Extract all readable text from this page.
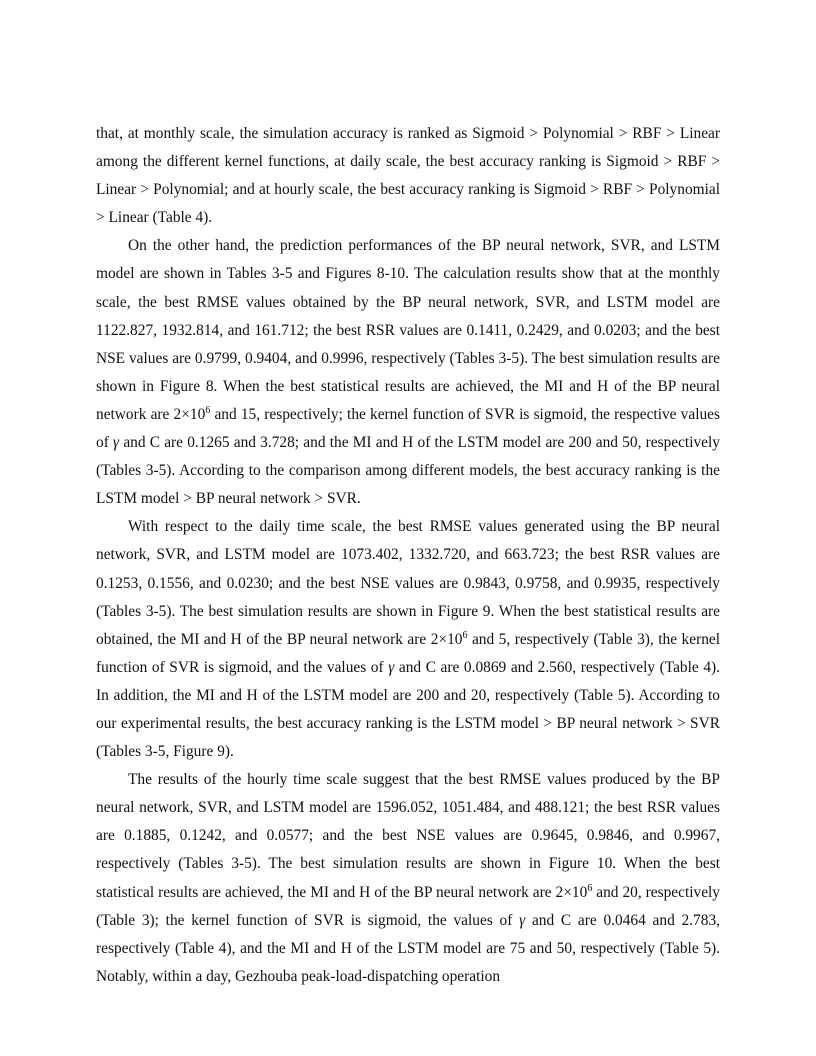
that, at monthly scale, the simulation accuracy is ranked as Sigmoid > Polynomial > RBF > Linear among the different kernel functions, at daily scale, the best accuracy ranking is Sigmoid > RBF > Linear > Polynomial; and at hourly scale, the best accuracy ranking is Sigmoid > RBF > Polynomial > Linear (Table 4).

On the other hand, the prediction performances of the BP neural network, SVR, and LSTM model are shown in Tables 3-5 and Figures 8-10. The calculation results show that at the monthly scale, the best RMSE values obtained by the BP neural network, SVR, and LSTM model are 1122.827, 1932.814, and 161.712; the best RSR values are 0.1411, 0.2429, and 0.0203; and the best NSE values are 0.9799, 0.9404, and 0.9996, respectively (Tables 3-5). The best simulation results are shown in Figure 8. When the best statistical results are achieved, the MI and H of the BP neural network are $2\times 10^6$ and 15, respectively; the kernel function of SVR is sigmoid, the respective values of γ and C are 0.1265 and 3.728; and the MI and H of the LSTM model are 200 and 50, respectively (Tables 3-5). According to the comparison among different models, the best accuracy ranking is the LSTM model > BP neural network > SVR.

With respect to the daily time scale, the best RMSE values generated using the BP neural network, SVR, and LSTM model are 1073.402, 1332.720, and 663.723; the best RSR values are 0.1253, 0.1556, and 0.0230; and the best NSE values are 0.9843, 0.9758, and 0.9935, respectively (Tables 3-5). The best simulation results are shown in Figure 9. When the best statistical results are obtained, the MI and H of the BP neural network are $2\times 10^6$ and 5, respectively (Table 3), the kernel function of SVR is sigmoid, and the values of γ and C are 0.0869 and 2.560, respectively (Table 4). In addition, the MI and H of the LSTM model are 200 and 20, respectively (Table 5). According to our experimental results, the best accuracy ranking is the LSTM model > BP neural network > SVR (Tables 3-5, Figure 9).

The results of the hourly time scale suggest that the best RMSE values produced by the BP neural network, SVR, and LSTM model are 1596.052, 1051.484, and 488.121; the best RSR values are 0.1885, 0.1242, and 0.0577; and the best NSE values are 0.9645, 0.9846, and 0.9967, respectively (Tables 3-5). The best simulation results are shown in Figure 10. When the best statistical results are achieved, the MI and H of the BP neural network are $2\times 10^6$ and 20, respectively (Table 3); the kernel function of SVR is sigmoid, the values of γ and C are 0.0464 and 2.783, respectively (Table 4), and the MI and H of the LSTM model are 75 and 50, respectively (Table 5). Notably, within a day, Gezhouba peak-load-dispatching operation
